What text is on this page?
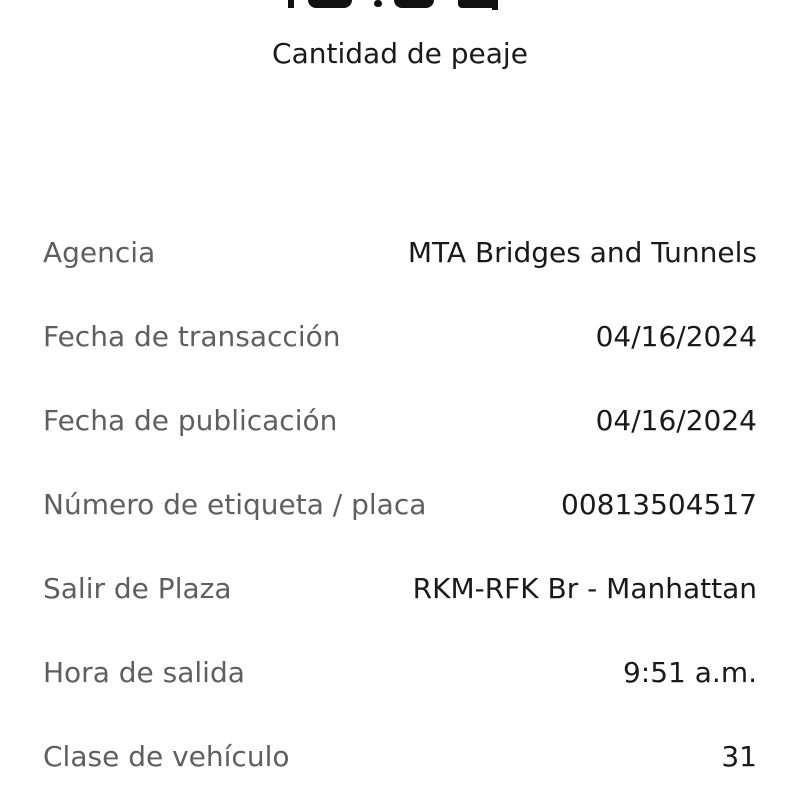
Cantidad de peaje
Agencia	MTA Bridges and Tunnels
Fecha de transacción	04/16/2024
Fecha de publicación	04/16/2024
Número de etiqueta / placa	00813504517
Salir de Plaza	RKM-RFK Br - Manhattan
Hora de salida	9:51 a.m.
Clase de vehículo	31
